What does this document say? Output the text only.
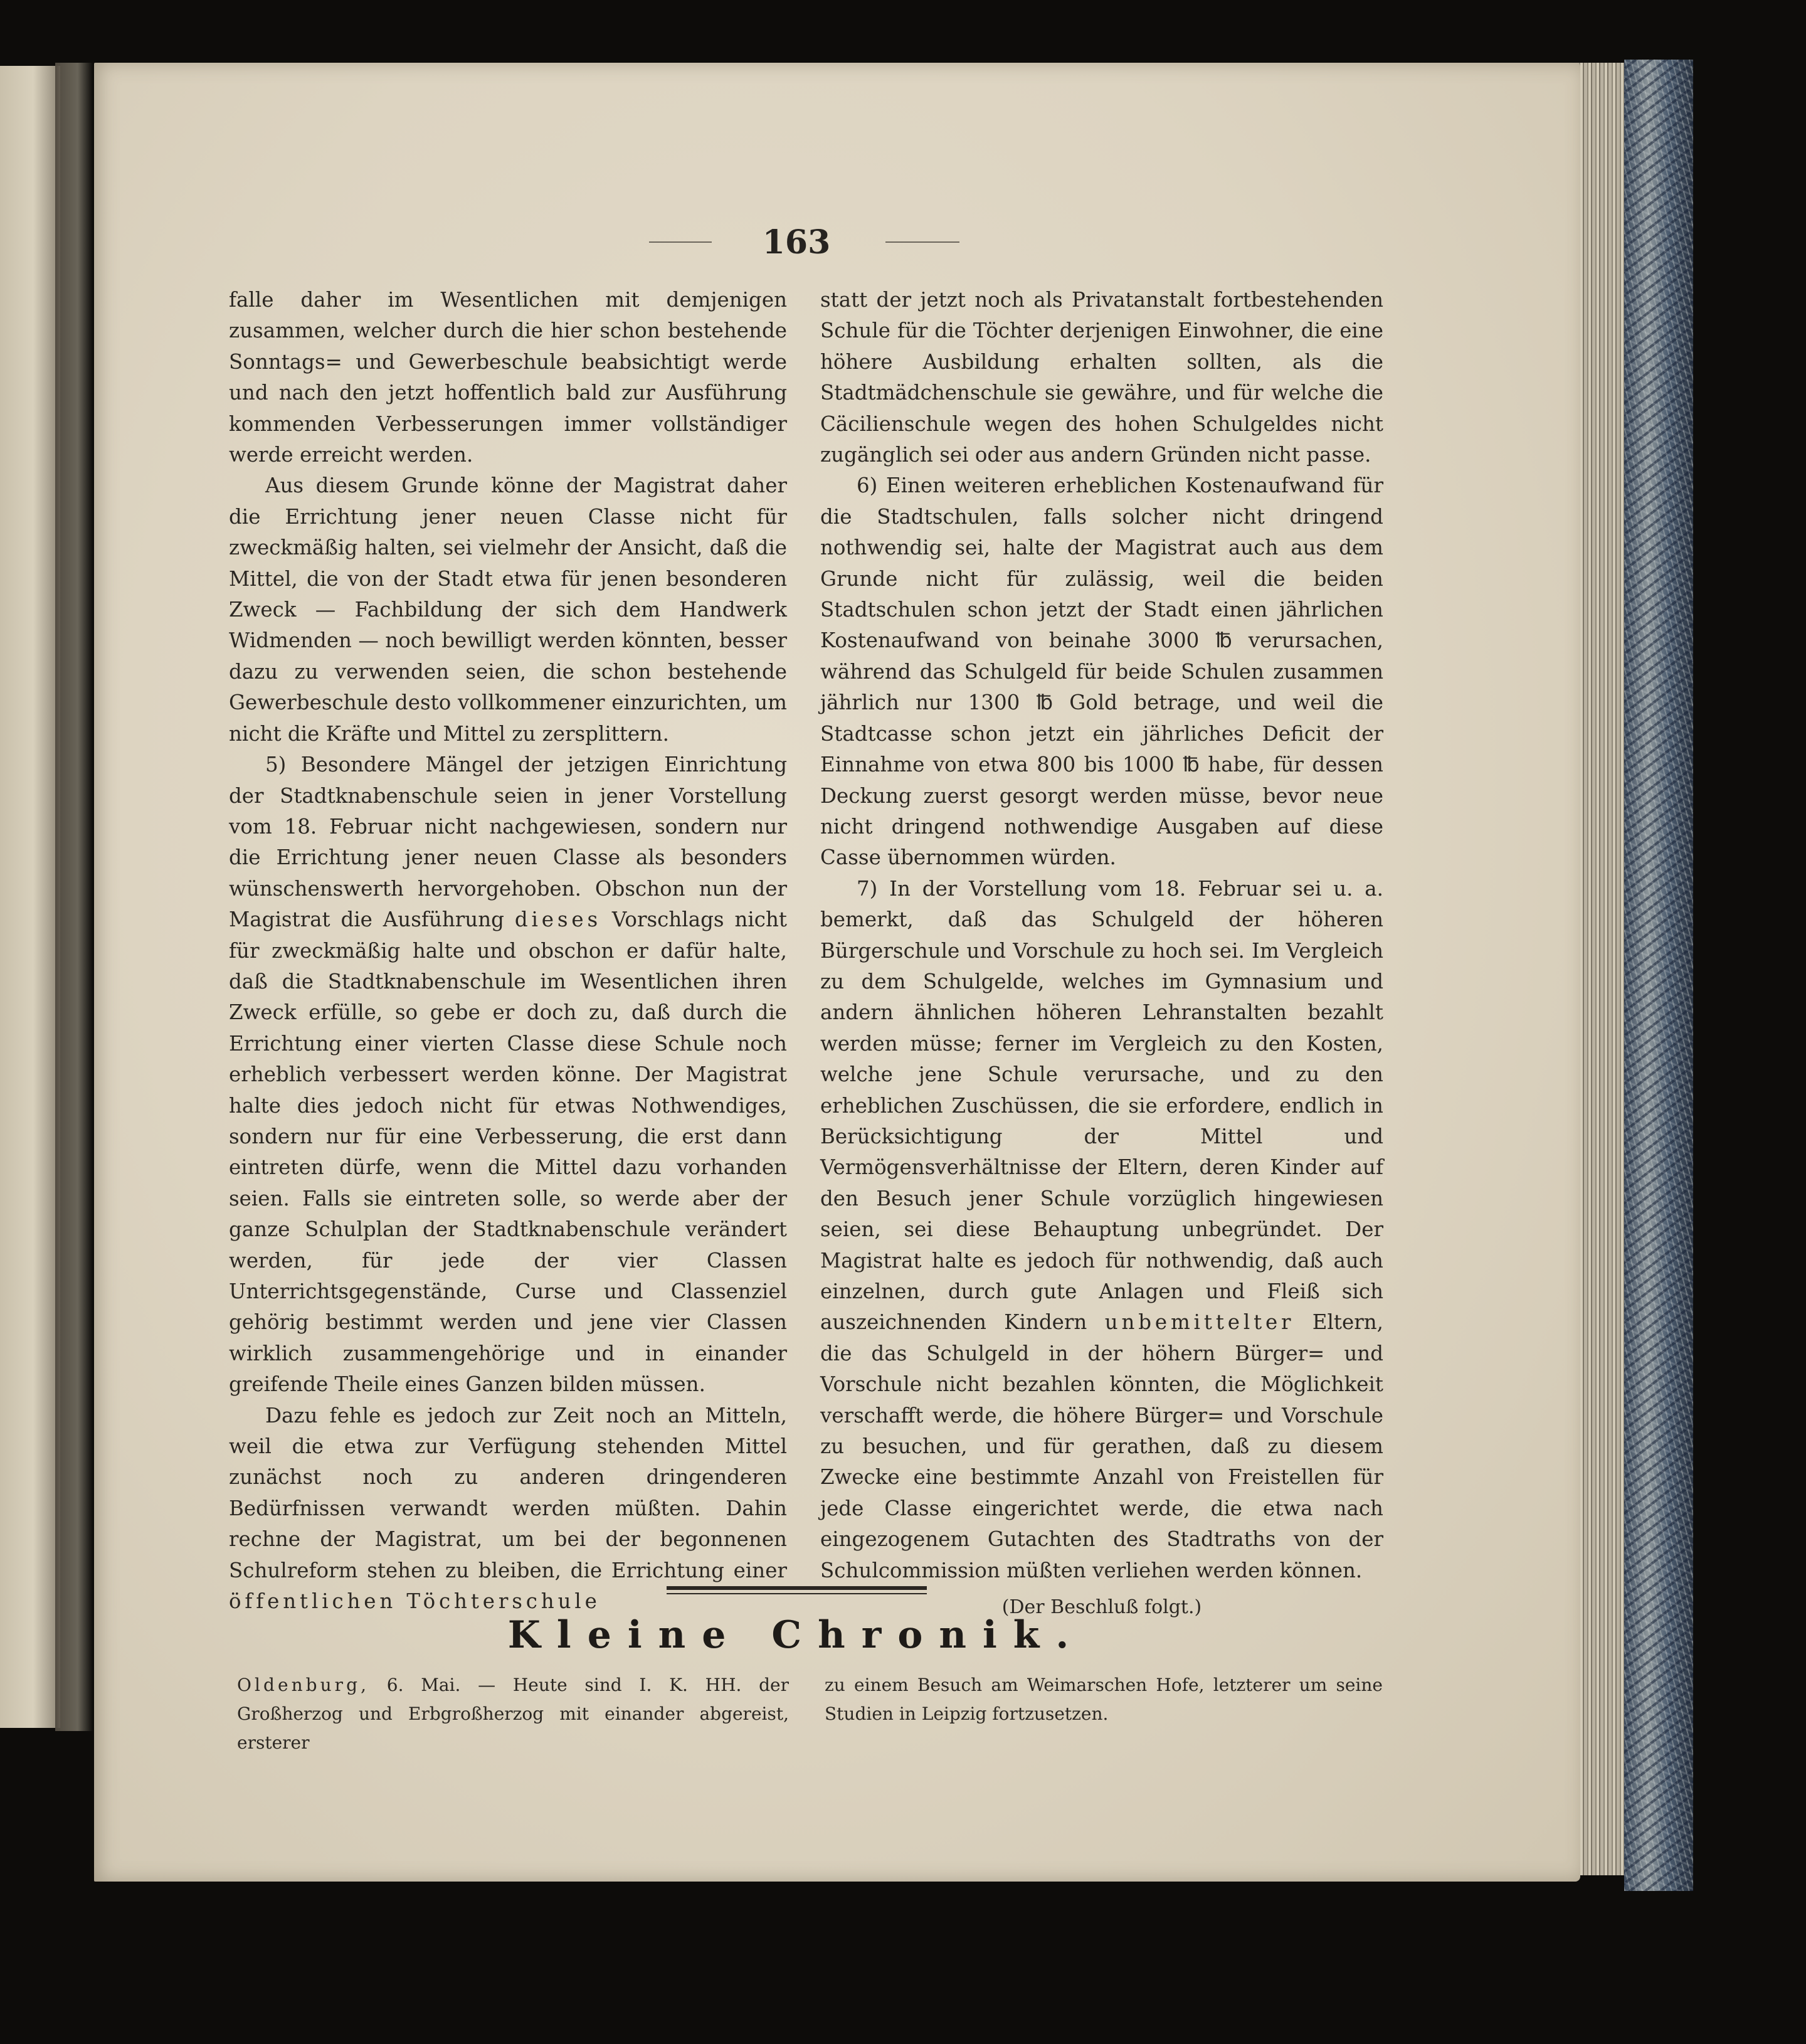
163

falle daher im Wesentlichen mit demjenigen zusammen, welcher durch die hier schon bestehende Sonntags= und Gewerbeschule beabsichtigt werde und nach den jetzt hoffentlich bald zur Ausführung kommenden Verbesserungen immer vollständiger werde erreicht werden.

Aus diesem Grunde könne der Magistrat daher die Errichtung jener neuen Classe nicht für zweckmäßig halten, sei vielmehr der Ansicht, daß die Mittel, die von der Stadt etwa für jenen besonderen Zweck — Fachbildung der sich dem Handwerk Widmenden — noch bewilligt werden könnten, besser dazu zu verwenden seien, die schon bestehende Gewerbeschule desto vollkommener einzurichten, um nicht die Kräfte und Mittel zu zersplittern.

5) Besondere Mängel der jetzigen Einrichtung der Stadtknabenschule seien in jener Vorstellung vom 18. Februar nicht nachgewiesen, sondern nur die Errichtung jener neuen Classe als besonders wünschenswerth hervorgehoben. Obschon nun der Magistrat die Ausführung dieses Vorschlags nicht für zweckmäßig halte und obschon er dafür halte, daß die Stadtknabenschule im Wesentlichen ihren Zweck erfülle, so gebe er doch zu, daß durch die Errichtung einer vierten Classe diese Schule noch erheblich verbessert werden könne. Der Magistrat halte dies jedoch nicht für etwas Nothwendiges, sondern nur für eine Verbesserung, die erst dann eintreten dürfe, wenn die Mittel dazu vorhanden seien. Falls sie eintreten solle, so werde aber der ganze Schulplan der Stadtknabenschule verändert werden, für jede der vier Classen Unterrichtsgegenstände, Curse und Classenziel gehörig bestimmt werden und jene vier Classen wirklich zusammengehörige und in einander greifende Theile eines Ganzen bilden müssen.

Dazu fehle es jedoch zur Zeit noch an Mitteln, weil die etwa zur Verfügung stehenden Mittel zunächst noch zu anderen dringenderen Bedürfnissen verwandt werden müßten. Dahin rechne der Magistrat, um bei der begonnenen Schulreform stehen zu bleiben, die Errichtung einer öffentlichen Töchterschule

statt der jetzt noch als Privatanstalt fortbestehenden Schule für die Töchter derjenigen Einwohner, die eine höhere Ausbildung erhalten sollten, als die Stadtmädchenschule sie gewähre, und für welche die Cäcilienschule wegen des hohen Schulgeldes nicht zugänglich sei oder aus andern Gründen nicht passe.

6) Einen weiteren erheblichen Kostenaufwand für die Stadtschulen, falls solcher nicht dringend nothwendig sei, halte der Magistrat auch aus dem Grunde nicht für zulässig, weil die beiden Stadtschulen schon jetzt der Stadt einen jährlichen Kostenaufwand von beinahe 3000 ℔ verursachen, während das Schulgeld für beide Schulen zusammen jährlich nur 1300 ℔ Gold betrage, und weil die Stadtcasse schon jetzt ein jährliches Deficit der Einnahme von etwa 800 bis 1000 ℔ habe, für dessen Deckung zuerst gesorgt werden müsse, bevor neue nicht dringend nothwendige Ausgaben auf diese Casse übernommen würden.

7) In der Vorstellung vom 18. Februar sei u. a. bemerkt, daß das Schulgeld der höheren Bürgerschule und Vorschule zu hoch sei. Im Vergleich zu dem Schulgelde, welches im Gymnasium und andern ähnlichen höheren Lehranstalten bezahlt werden müsse; ferner im Vergleich zu den Kosten, welche jene Schule verursache, und zu den erheblichen Zuschüssen, die sie erfordere, endlich in Berücksichtigung der Mittel und Vermögensverhältnisse der Eltern, deren Kinder auf den Besuch jener Schule vorzüglich hingewiesen seien, sei diese Behauptung unbegründet. Der Magistrat halte es jedoch für nothwendig, daß auch einzelnen, durch gute Anlagen und Fleiß sich auszeichnenden Kindern unbemittelter Eltern, die das Schulgeld in der höhern Bürger= und Vorschule nicht bezahlen könnten, die Möglichkeit verschafft werde, die höhere Bürger= und Vorschule zu besuchen, und für gerathen, daß zu diesem Zwecke eine bestimmte Anzahl von Freistellen für jede Classe eingerichtet werde, die etwa nach eingezogenem Gutachten des Stadtraths von der Schulcommission müßten verliehen werden können.

(Der Beschluß folgt.)

Kleine Chronik.
Oldenburg, 6. Mai. — Heute sind I. K. HH. der Großherzog und Erbgroßherzog mit einander abgereist, ersterer
zu einem Besuch am Weimarschen Hofe, letzterer um seine Studien in Leipzig fortzusetzen.
